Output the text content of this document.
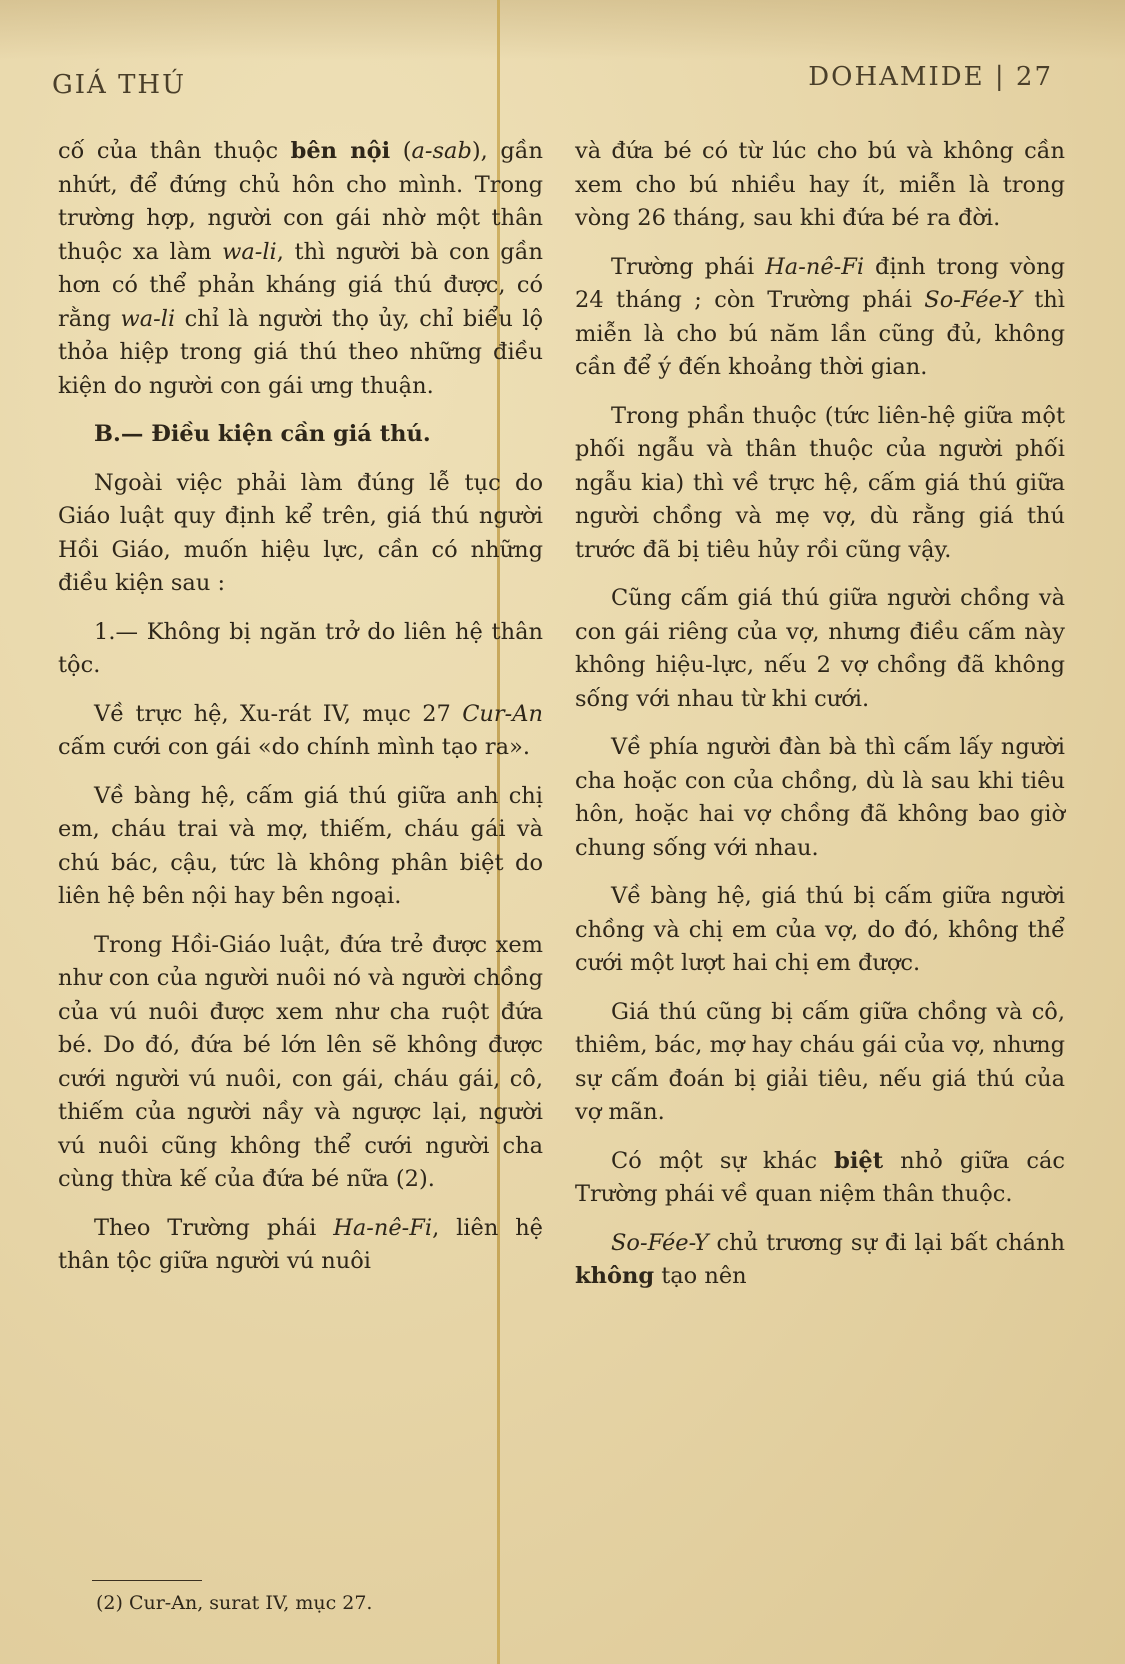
GIÁ THÚ	DOHAMIDE | 27

cố của thân thuộc bên nội (a-sab), gần nhứt, để đứng chủ hôn cho mình. Trong trường hợp, người con gái nhờ một thân thuộc xa làm wa-li, thì người bà con gần hơn có thể phản kháng giá thú được, có rằng wa-li chỉ là người thọ ủy, chỉ biểu lộ thỏa hiệp trong giá thú theo những điều kiện do người con gái ưng thuận.

B.— Điều kiện cần giá thú.

Ngoài việc phải làm đúng lễ tục do Giáo luật quy định kể trên, giá thú người Hồi Giáo, muốn hiệu lực, cần có những điều kiện sau :

1.— Không bị ngăn trở do liên hệ thân tộc.

Về trực hệ, Xu-rát IV, mục 27 Cur-An cấm cưới con gái «do chính mình tạo ra».

Về bàng hệ, cấm giá thú giữa anh chị em, cháu trai và mợ, thiếm, cháu gái và chú bác, cậu, tức là không phân biệt do liên hệ bên nội hay bên ngoại.

Trong Hồi-Giáo luật, đứa trẻ được xem như con của người nuôi nó và người chồng của vú nuôi được xem như cha ruột đứa bé. Do đó, đứa bé lớn lên sẽ không được cưới người vú nuôi, con gái, cháu gái, cô, thiếm của người nầy và ngược lại, người vú nuôi cũng không thể cưới người cha cùng thừa kế của đứa bé nữa (2).

Theo Trường phái Ha-nê-Fi, liên hệ thân tộc giữa người vú nuôi

và đứa bé có từ lúc cho bú và không cần xem cho bú nhiều hay ít, miễn là trong vòng 26 tháng, sau khi đứa bé ra đời.

Trường phái Ha-nê-Fi định trong vòng 24 tháng ; còn Trường phái So-Fée-Y thì miễn là cho bú năm lần cũng đủ, không cần để ý đến khoảng thời gian.

Trong phần thuộc (tức liên-hệ giữa một phối ngẫu và thân thuộc của người phối ngẫu kia) thì về trực hệ, cấm giá thú giữa người chồng và mẹ vợ, dù rằng giá thú trước đã bị tiêu hủy rồi cũng vậy.

Cũng cấm giá thú giữa người chồng và con gái riêng của vợ, nhưng điều cấm này không hiệu-lực, nếu 2 vợ chồng đã không sống với nhau từ khi cưới.

Về phía người đàn bà thì cấm lấy người cha hoặc con của chồng, dù là sau khi tiêu hôn, hoặc hai vợ chồng đã không bao giờ chung sống với nhau.

Về bàng hệ, giá thú bị cấm giữa người chồng và chị em của vợ, do đó, không thể cưới một lượt hai chị em được.

Giá thú cũng bị cấm giữa chồng và cô, thiêm, bác, mợ hay cháu gái của vợ, nhưng sự cấm đoán bị giải tiêu, nếu giá thú của vợ mãn.

Có một sự khác biệt nhỏ giữa các Trường phái về quan niệm thân thuộc.

So-Fée-Y chủ trương sự đi lại bất chánh không tạo nên

(2) Cur-An, surat IV, mục 27.
